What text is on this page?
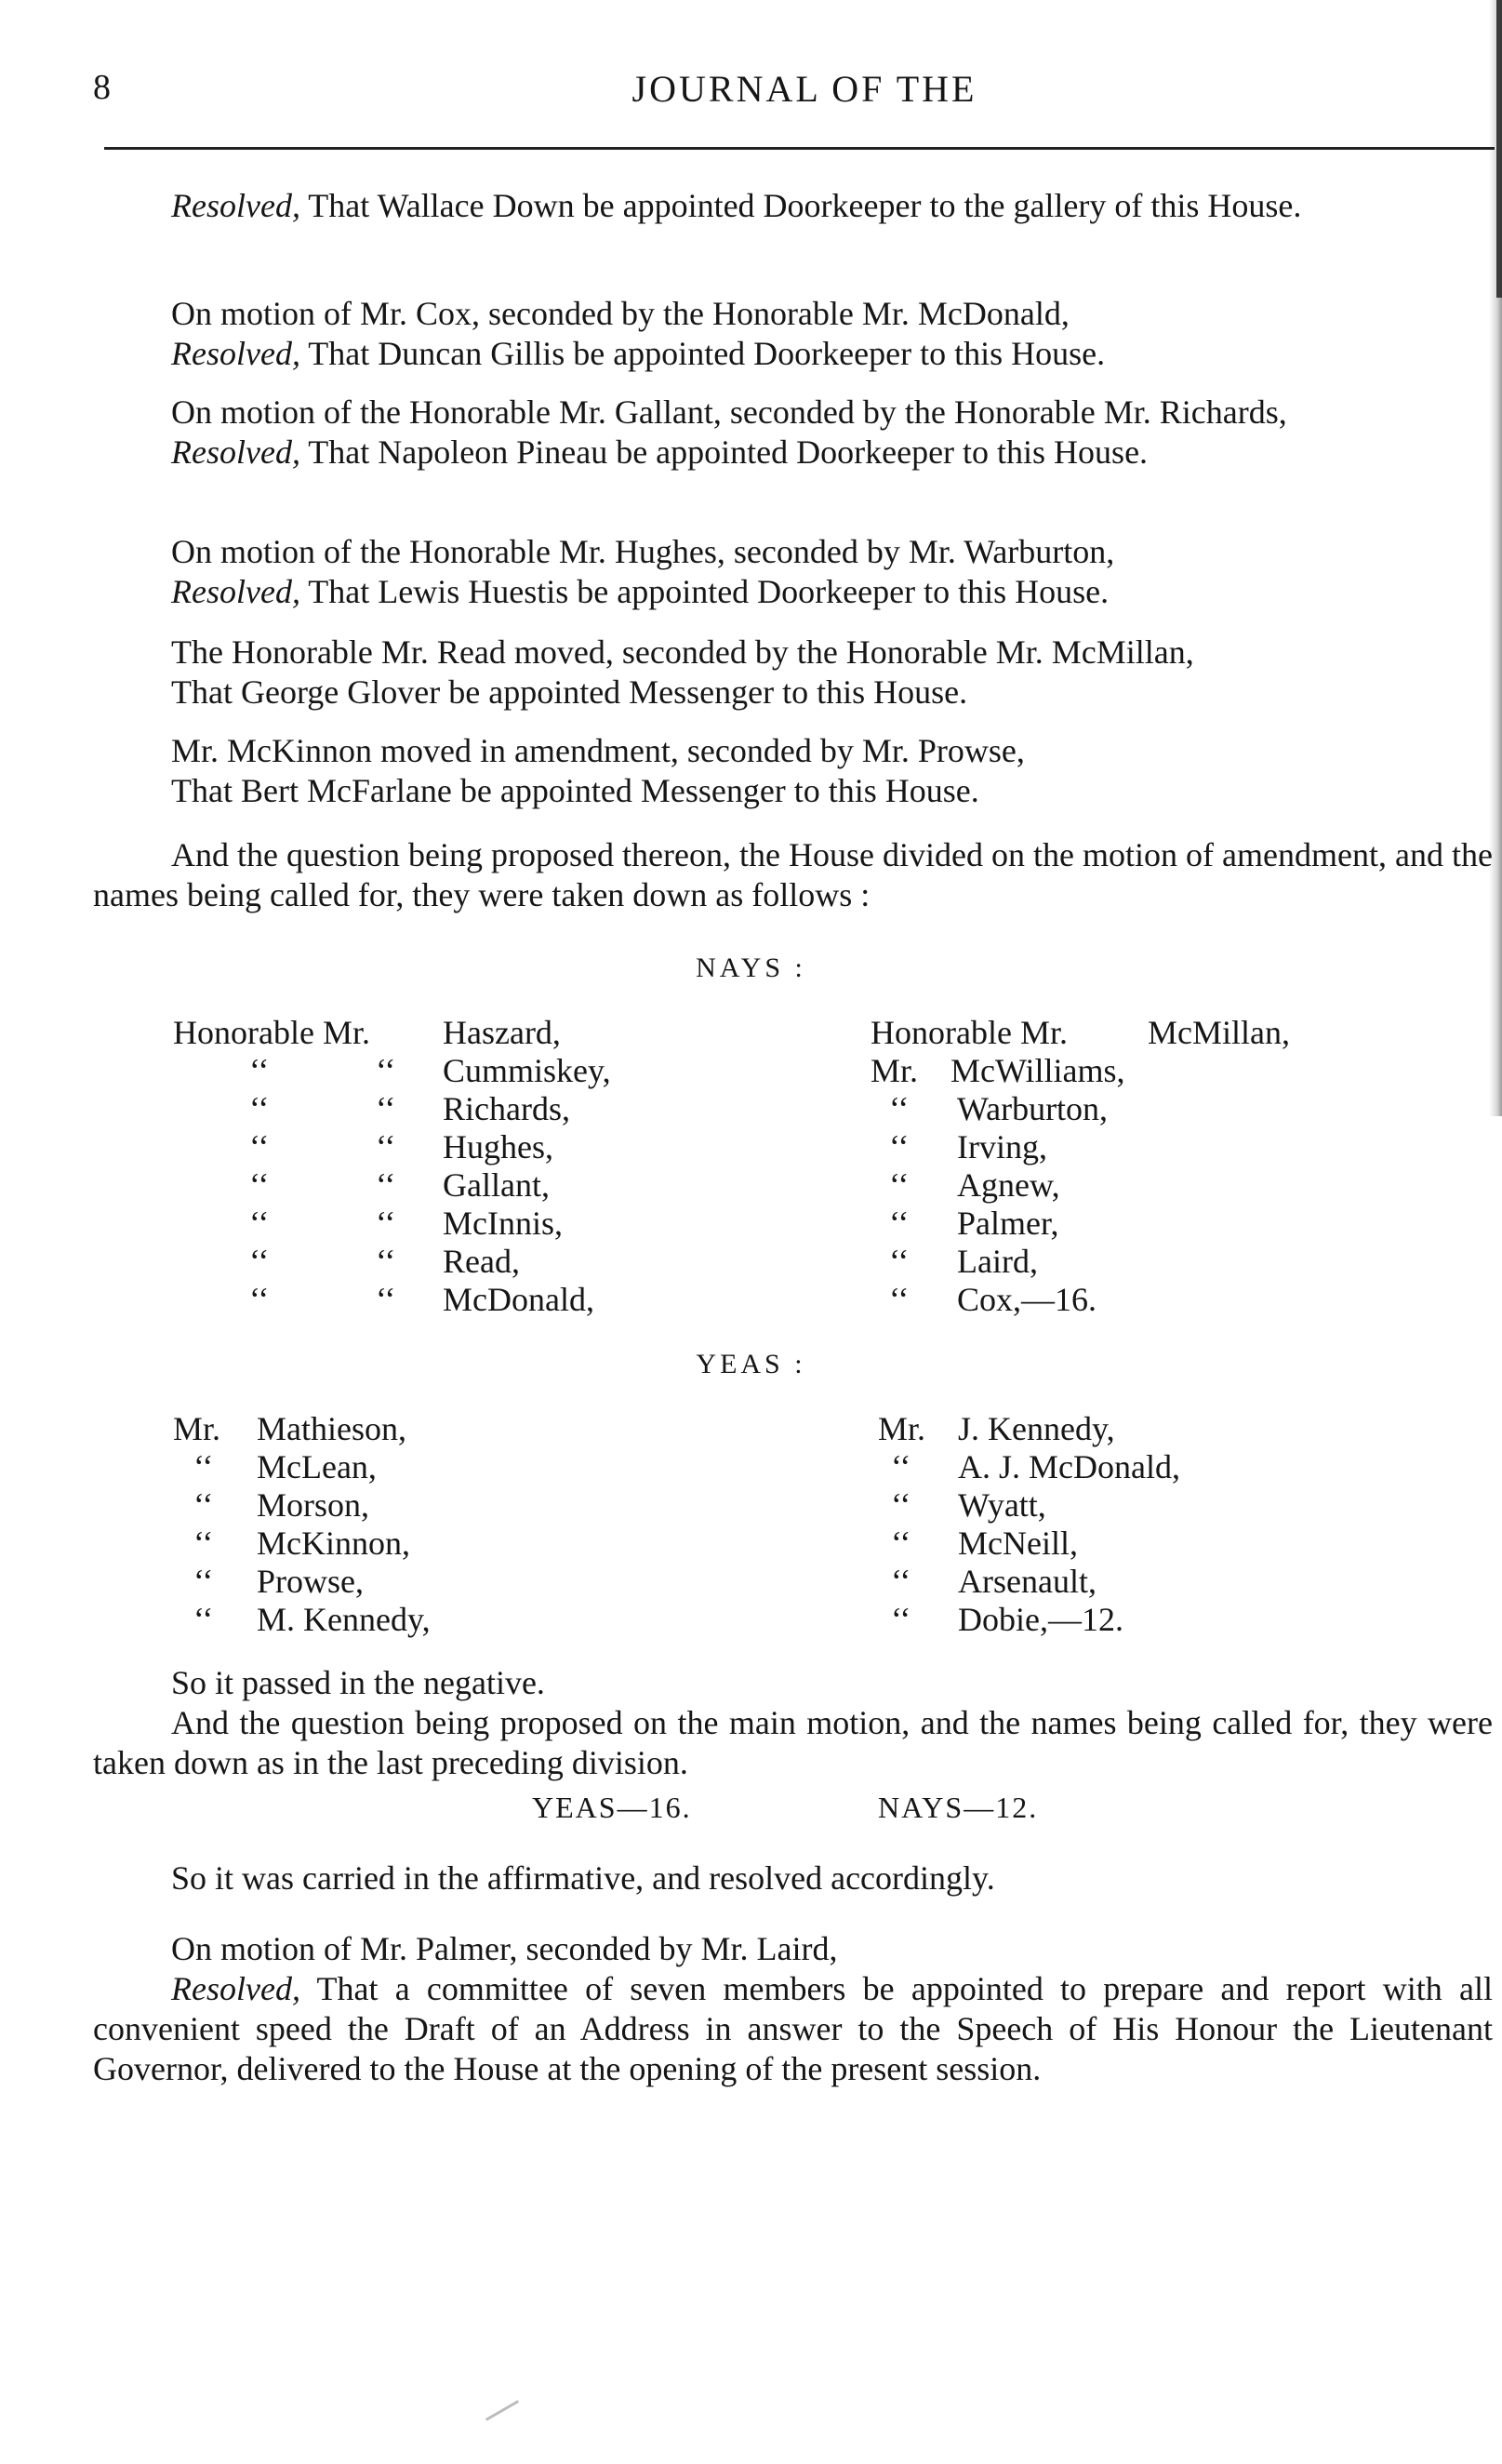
8	JOURNAL OF THE
Resolved, That Wallace Down be appointed Doorkeeper to the gallery of this House.
On motion of Mr. Cox, seconded by the Honorable Mr. McDonald,
Resolved, That Duncan Gillis be appointed Doorkeeper to this House.
On motion of the Honorable Mr. Gallant, seconded by the Honorable Mr. Richards,
Resolved, That Napoleon Pineau be appointed Doorkeeper to this House.
On motion of the Honorable Mr. Hughes, seconded by Mr. Warburton,
Resolved, That Lewis Huestis be appointed Doorkeeper to this House.
The Honorable Mr. Read moved, seconded by the Honorable Mr. McMillan,
That George Glover be appointed Messenger to this House.
Mr. McKinnon moved in amendment, seconded by Mr. Prowse,
That Bert McFarlane be appointed Messenger to this House.
And the question being proposed thereon, the House divided on the motion of amendment, and the names being called for, they were taken down as follows :
NAYS :
Honorable Mr. Haszard,
‘‘	‘‘ Cummiskey,
‘‘	‘‘ Richards,
‘‘	‘‘ Hughes,
‘‘	‘‘ Gallant,
‘‘	‘‘ McInnis,
‘‘	‘‘ Read,
‘‘	‘‘ McDonald,
Honorable Mr. McMillan,
Mr. McWilliams,
‘‘ Warburton,
‘‘ Irving,
‘‘ Agnew,
‘‘ Palmer,
‘‘ Laird,
‘‘ Cox,—16.
YEAS :
Mr. Mathieson,
‘‘ McLean,
‘‘ Morson,
‘‘ McKinnon,
‘‘ Prowse,
‘‘ M. Kennedy,
Mr. J. Kennedy,
‘‘ A. J. McDonald,
‘‘ Wyatt,
‘‘ McNeill,
‘‘ Arsenault,
‘‘ Dobie,—12.
So it passed in the negative.
And the question being proposed on the main motion, and the names being called for, they were taken down as in the last preceding division.
YEAS—16.	NAYS—12.
So it was carried in the affirmative, and resolved accordingly.
On motion of Mr. Palmer, seconded by Mr. Laird,
Resolved, That a committee of seven members be appointed to prepare and report with all convenient speed the Draft of an Address in answer to the Speech of His Honour the Lieutenant Governor, delivered to the House at the opening of the present session.
